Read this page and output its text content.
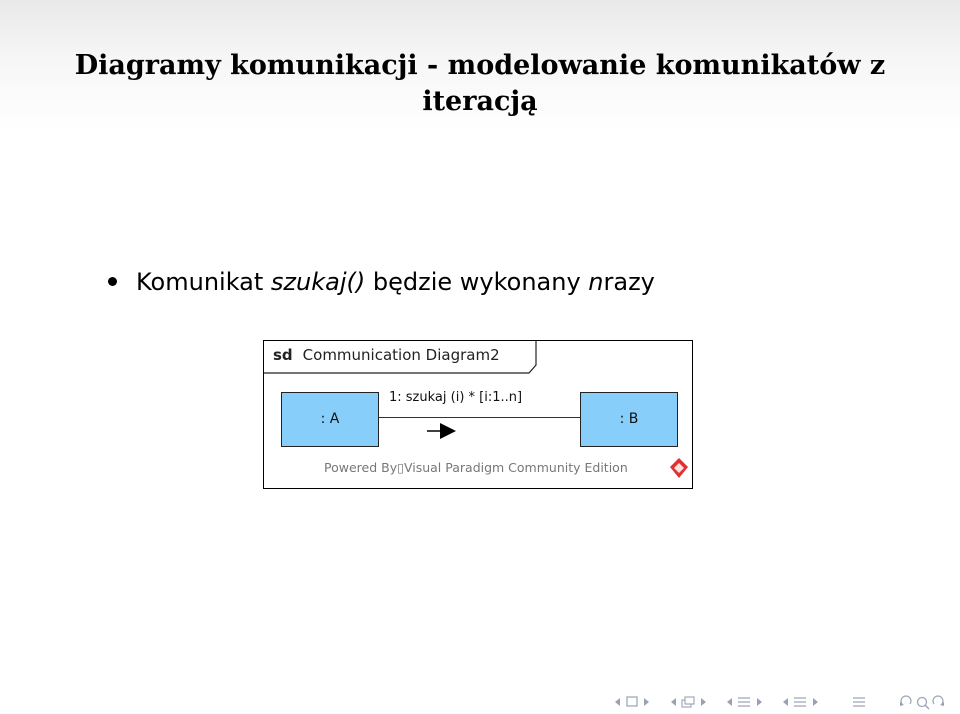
Diagramy komunikacji - modelowanie komunikatów z
iteracją
Komunikat szukaj() będzie wykonany nrazy
sd Communication Diagram2
: A	: B
1: szukaj (i) * [i:1..n]
Powered By▯Visual Paradigm Community Edition
